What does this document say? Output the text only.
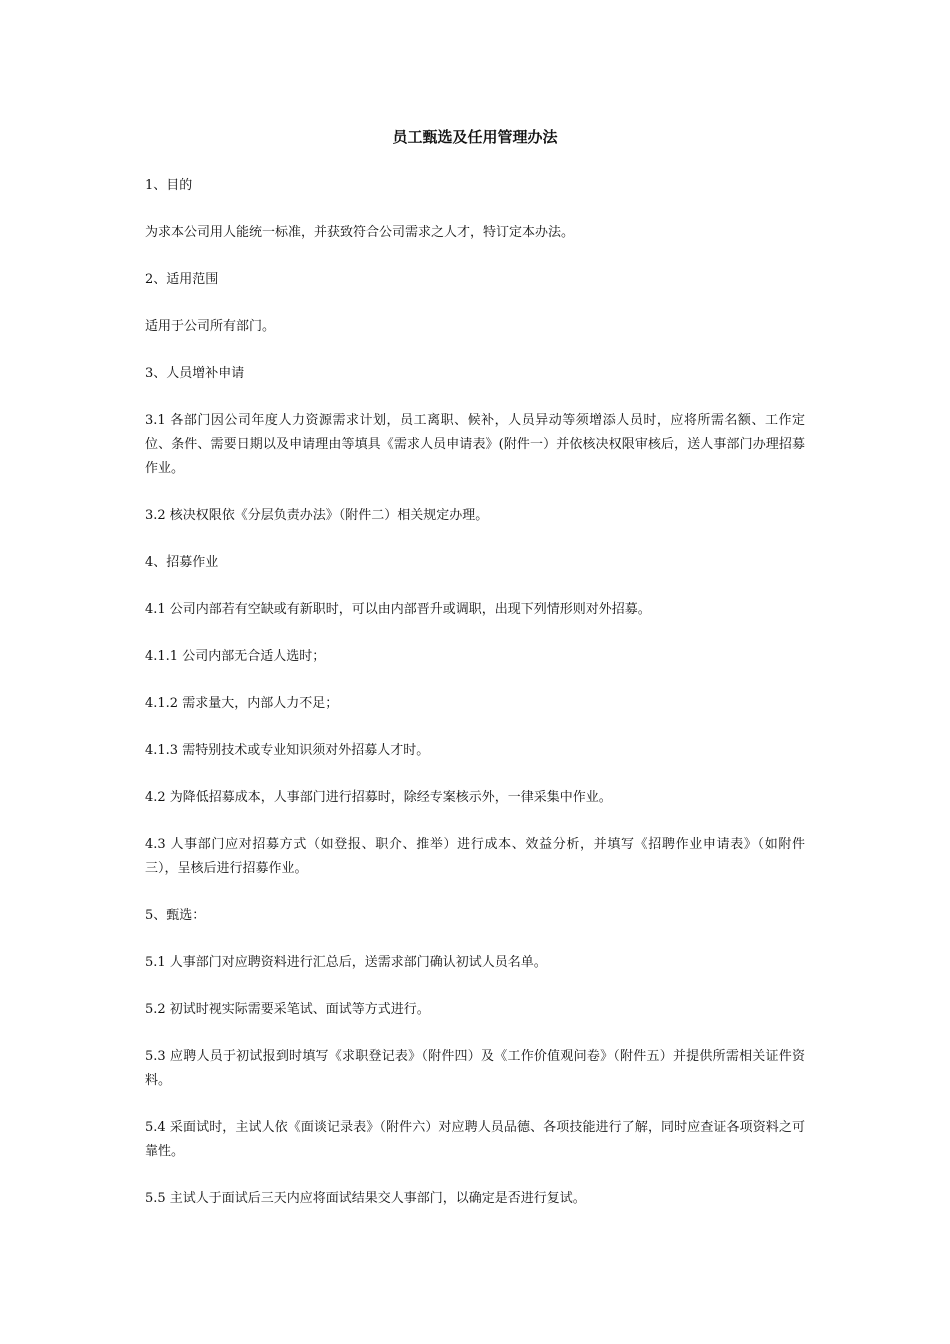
员工甄选及任用管理办法

1、目的

为求本公司用人能统一标准，并获致符合公司需求之人才，特订定本办法。

2、适用范围

适用于公司所有部门。

3、人员增补申请

3.1 各部门因公司年度人力资源需求计划，员工离职、候补，人员异动等须增添人员时，应将所需名额、工作定位、条件、需要日期以及申请理由等填具《需求人员申请表》(附件一）并依核决权限审核后，送人事部门办理招募作业。

3.2 核决权限依《分层负责办法》（附件二）相关规定办理。

4、招募作业

4.1 公司内部若有空缺或有新职时，可以由内部晋升或调职，出现下列情形则对外招募。

4.1.1 公司内部无合适人选时；

4.1.2 需求量大，内部人力不足；

4.1.3 需特别技术或专业知识须对外招募人才时。

4.2 为降低招募成本，人事部门进行招募时，除经专案核示外，一律采集中作业。

4.3 人事部门应对招募方式（如登报、职介、推举）进行成本、效益分析，并填写《招聘作业申请表》（如附件三），呈核后进行招募作业。

5、甄选：

5.1 人事部门对应聘资料进行汇总后，送需求部门确认初试人员名单。

5.2 初试时视实际需要采笔试、面试等方式进行。

5.3 应聘人员于初试报到时填写《求职登记表》（附件四）及《工作价值观问卷》（附件五）并提供所需相关证件资料。

5.4 采面试时，主试人依《面谈记录表》（附件六）对应聘人员品德、各项技能进行了解，同时应查证各项资料之可靠性。

5.5 主试人于面试后三天内应将面试结果交人事部门，以确定是否进行复试。
